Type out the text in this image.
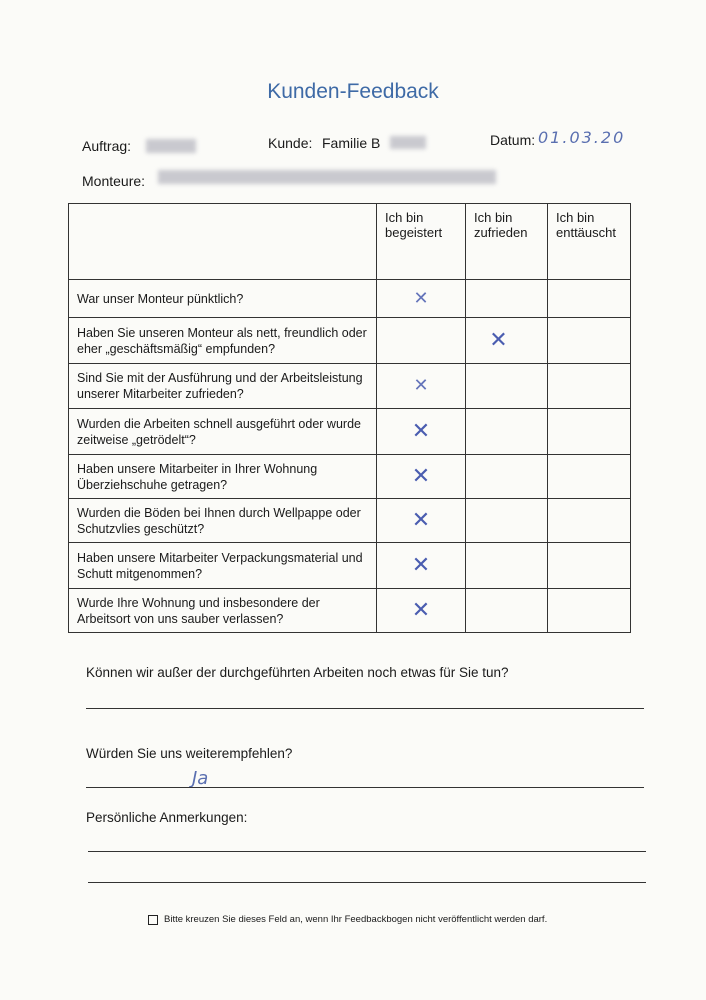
Kunden-Feedback
Auftrag:	Kunde: Familie B	Datum: 01.03.20
Monteure:
	Ich bin begeistert	Ich bin zufrieden	Ich bin enttäuscht
War unser Monteur pünktlich?	✕		
Haben Sie unseren Monteur als nett, freundlich oder eher „geschäftsmäßig“ empfunden?		✕	
Sind Sie mit der Ausführung und der Arbeitsleistung unserer Mitarbeiter zufrieden?	✕		
Wurden die Arbeiten schnell ausgeführt oder wurde zeitweise „getrödelt“?	✕		
Haben unsere Mitarbeiter in Ihrer Wohnung Überziehschuhe getragen?	✕		
Wurden die Böden bei Ihnen durch Wellpappe oder Schutzvlies geschützt?	✕		
Haben unsere Mitarbeiter Verpackungsmaterial und Schutt mitgenommen?	✕		
Wurde Ihre Wohnung und insbesondere der Arbeitsort von uns sauber verlassen?	✕		
Können wir außer der durchgeführten Arbeiten noch etwas für Sie tun?
Würden Sie uns weiterempfehlen?
Ja
Persönliche Anmerkungen:
Bitte kreuzen Sie dieses Feld an, wenn Ihr Feedbackbogen nicht veröffentlicht werden darf.
